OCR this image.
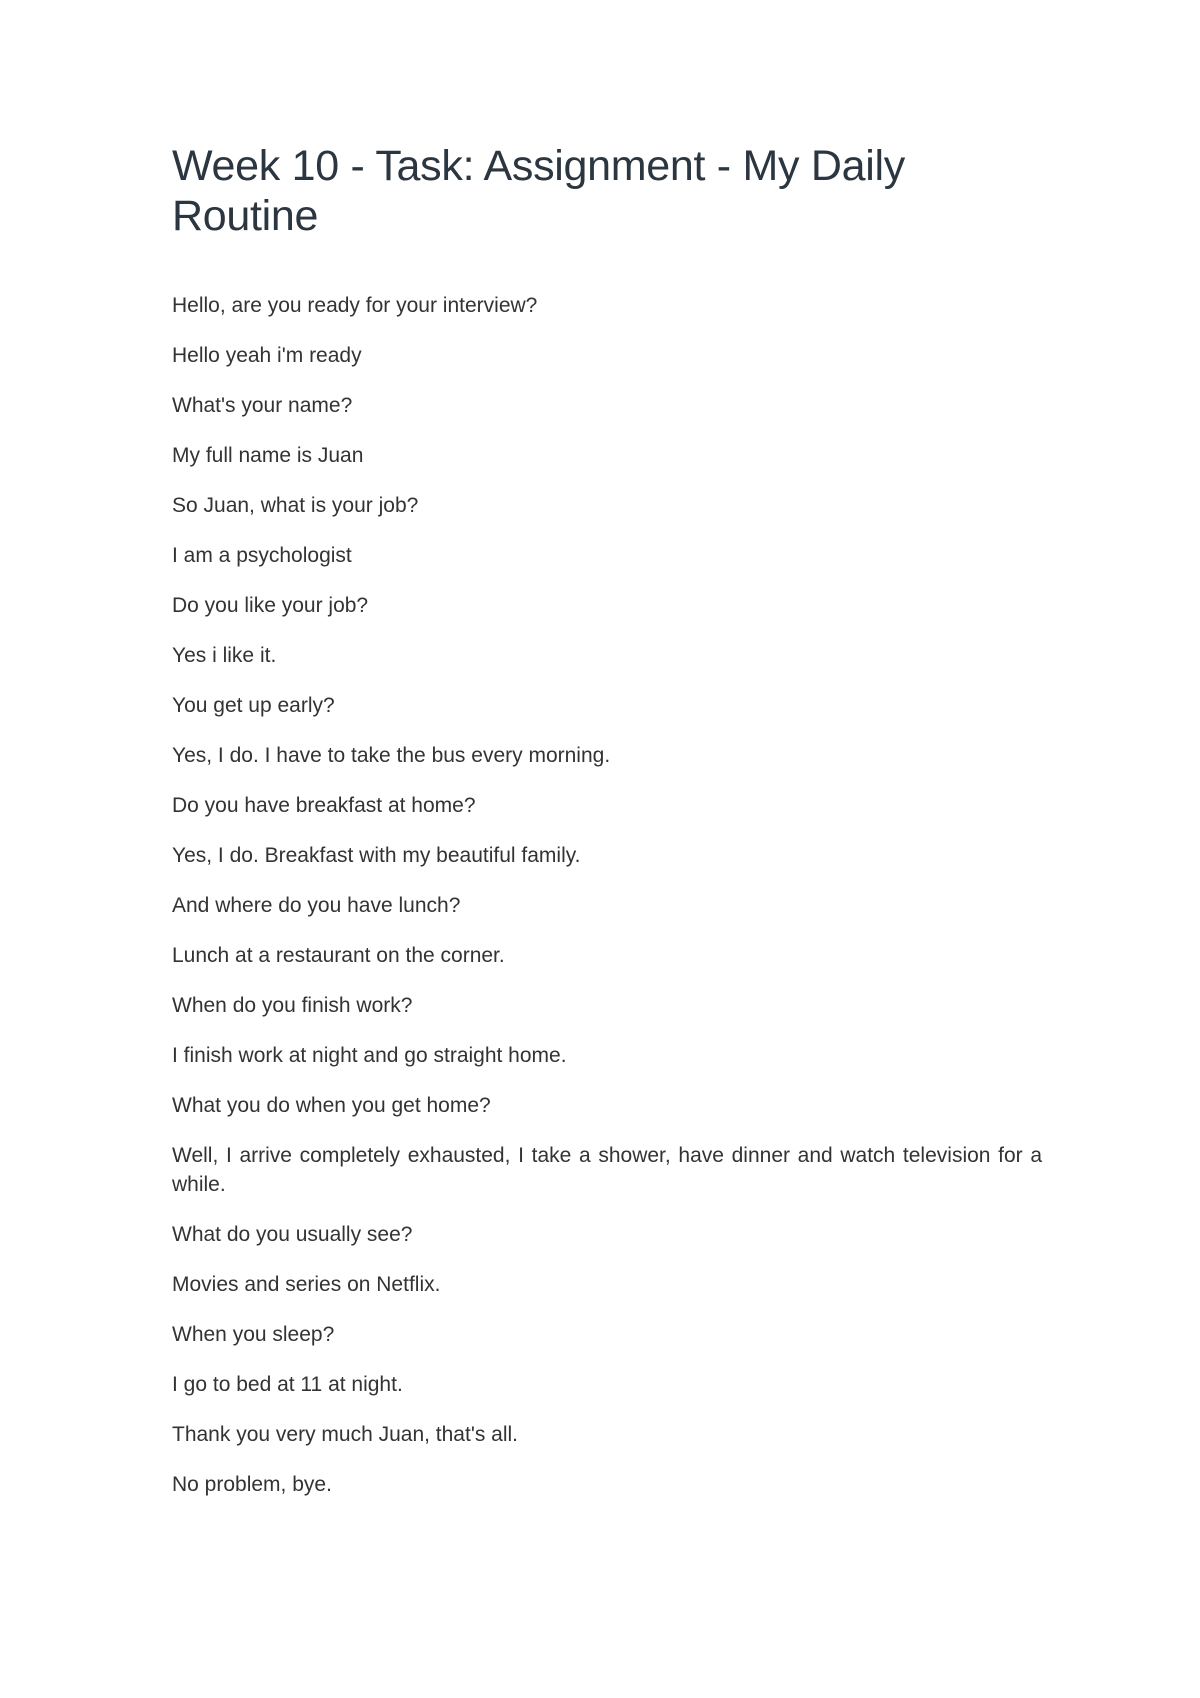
Week 10 - Task: Assignment - My Daily Routine

Hello, are you ready for your interview?

Hello yeah i'm ready

What's your name?

My full name is Juan

So Juan, what is your job?

I am a psychologist

Do you like your job?

Yes i like it.

You get up early?

Yes, I do. I have to take the bus every morning.

Do you have breakfast at home?

Yes, I do. Breakfast with my beautiful family.

And where do you have lunch?

Lunch at a restaurant on the corner.

When do you finish work?

I finish work at night and go straight home.

What you do when you get home?

Well, I arrive completely exhausted, I take a shower, have dinner and watch television for a while.

What do you usually see?

Movies and series on Netflix.

When you sleep?

I go to bed at 11 at night.

Thank you very much Juan, that's all.

No problem, bye.
